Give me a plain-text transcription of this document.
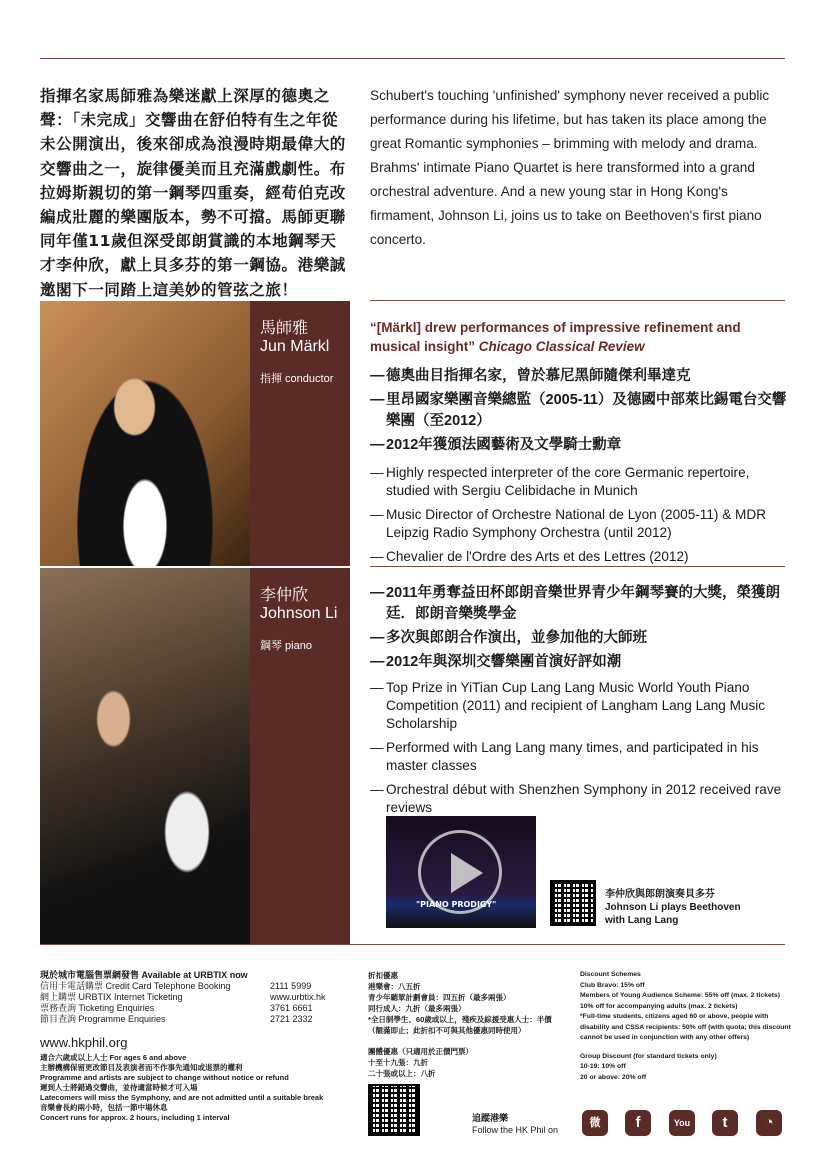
指揮名家馬師雅為樂迷獻上深厚的德奧之聲：「未完成」交響曲在舒伯特有生之年從未公開演出，後來卻成為浪漫時期最偉大的交響曲之一，旋律優美而且充滿戲劇性。布拉姆斯親切的第一鋼琴四重奏，經荀伯克改編成壯麗的樂團版本，勢不可擋。馬師更聯同年僅11歲但深受郎朗賞識的本地鋼琴天才李仲欣，獻上貝多芬的第一鋼協。港樂誠邀閣下一同踏上這美妙的管弦之旅！
Schubert's touching 'unfinished' symphony never received a public performance during his lifetime, but has taken its place among the great Romantic symphonies – brimming with melody and drama. Brahms' intimate Piano Quartet is here transformed into a grand orchestral adventure. And a new young star in Hong Kong's firmament, Johnson Li, joins us to take on Beethoven's first piano concerto.
馬師雅
Jun Märkl
指揮 conductor
“[Märkl] drew performances of impressive refinement and musical insight” Chicago Classical Review
— 德奧曲目指揮名家，曾於慕尼黑師隨傑利畢達克
— 里昂國家樂團音樂總監（2005-11）及德國中部萊比錫電台交響樂團（至2012）
— 2012年獲頒法國藝術及文學騎士勳章
— Highly respected interpreter of the core Germanic repertoire, studied with Sergiu Celibidache in Munich
— Music Director of Orchestre National de Lyon (2005-11) & MDR Leipzig Radio Symphony Orchestra (until 2012)
— Chevalier de l'Ordre des Arts et des Lettres (2012)
李仲欣
Johnson Li
鋼琴 piano
— 2011年勇奪益田杯郎朗音樂世界青少年鋼琴賽的大獎，榮獲朗廷．郎朗音樂獎學金
— 多次與郎朗合作演出，並參加他的大師班
— 2012年與深圳交響樂團首演好評如潮
— Top Prize in YiTian Cup Lang Lang Music World Youth Piano Competition (2011) and recipient of Langham Lang Lang Music Scholarship
— Performed with Lang Lang many times, and participated in his master classes
— Orchestral début with Shenzhen Symphony in 2012 received rave reviews
"PIANO PRODIGY"
李仲欣與郎朗演奏貝多芬
Johnson Li plays Beethoven with Lang Lang
現於城市電腦售票網發售 Available at URBTIX now
信用卡電話購票 Credit Card Telephone Booking	2111 5999
網上購票 URBTIX Internet Ticketing	www.urbtix.hk
票務查詢 Ticketing Enquiries	3761 6661
節目查詢 Programme Enquiries	2721 2332
www.hkphil.org
適合六歲或以上人士 For ages 6 and above
主辦機構保留更改節目及表演者而不作事先通知或退票的權利
Programme and artists are subject to change without notice or refund
遲到人士將錯過交響曲，並待適當時候才可入場
Latecomers will miss the Symphony, and are not admitted until a suitable break
音樂會長約兩小時，包括一節中場休息
Concert runs for approx. 2 hours, including 1 interval
折扣優惠
港樂會：八五折
青少年聽眾計劃會員：四五折（最多兩張）
同行成人：九折（最多兩張）
*全日制學生、60歲或以上，殘疾及綜援受惠人士：半價
（額滿即止；此折扣不可與其他優惠同時使用）
團體優惠（只適用於正價門票）
十至十九張：九折
二十張或以上：八折
Discount Schemes
Club Bravo: 15% off
Members of Young Audience Scheme: 55% off (max. 2 tickets)
10% off for accompanying adults (max. 2 tickets)
*Full-time students, citizens aged 60 or above, people with disability and CSSA recipients: 50% off (with quota; this discount cannot be used in conjunction with any other offers)
Group Discount (for standard tickets only)
10-19: 10% off
20 or above: 20% off
追蹤港樂
Follow the HK Phil on
微	f	You	t	◔
